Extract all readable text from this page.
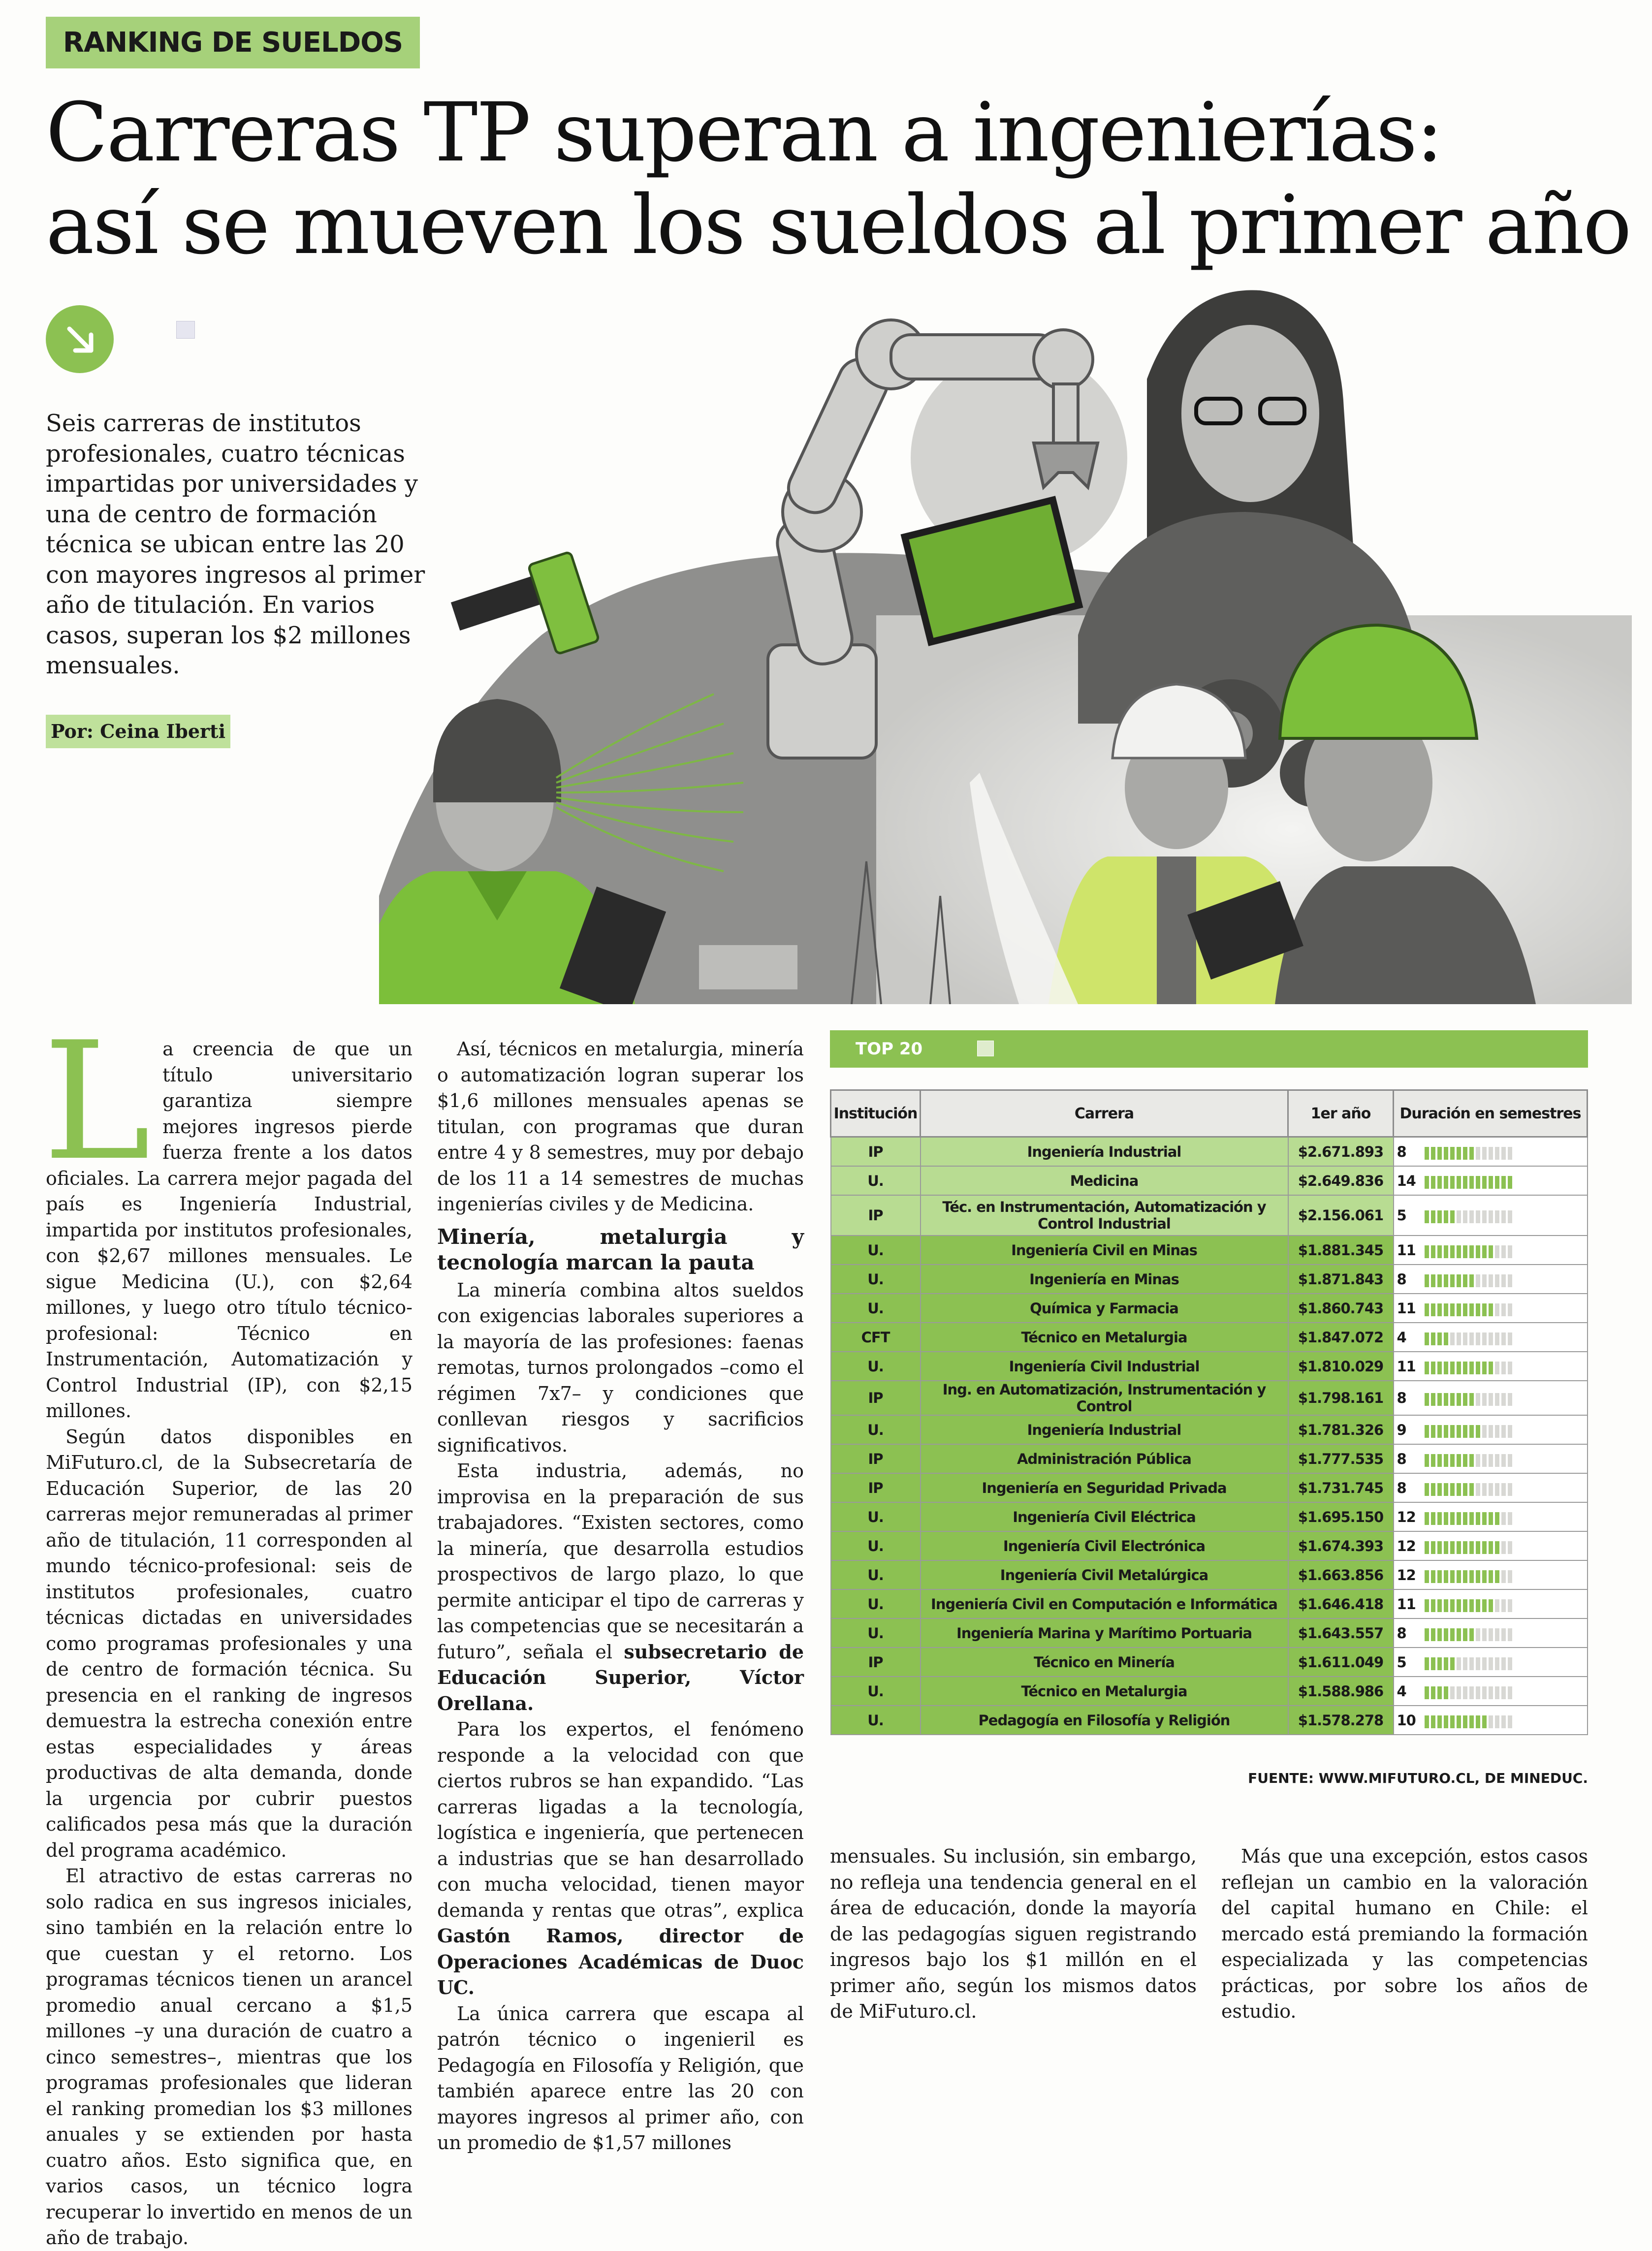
RANKING DE SUELDOS
Carreras TP superan a ingenierías:
así se mueven los sueldos al primer año
Seis carreras de institutos profesionales, cuatro técnicas impartidas por universidades y una de centro de formación técnica se ubican entre las 20 con mayores ingresos al primer año de titulación. En varios casos, superan los $2 millones mensuales.
Por: Ceina Iberti
L a creencia de que un título universitario garantiza siempre mejores ingresos pierde fuerza frente a los datos oficiales. La carrera mejor pagada del país es Ingeniería Industrial, impartida por institutos profesionales, con $2,67 millones mensuales. Le sigue Medicina (U.), con $2,64 millones, y luego otro título técnico-profesional: Técnico en Instrumentación, Automatización y Control Industrial (IP), con $2,15 millones.

Según datos disponibles en MiFuturo.cl, de la Subsecretaría de Educación Superior, de las 20 carreras mejor remuneradas al primer año de titulación, 11 corresponden al mundo técnico-profesional: seis de institutos profesionales, cuatro técnicas dictadas en universidades como programas profesionales y una de centro de formación técnica. Su presencia en el ranking de ingresos demuestra la estrecha conexión entre estas especialidades y áreas productivas de alta demanda, donde la urgencia por cubrir puestos calificados pesa más que la duración del programa académico.

El atractivo de estas carreras no solo radica en sus ingresos iniciales, sino también en la relación entre lo que cuestan y el retorno. Los programas técnicos tienen un arancel promedio anual cercano a $1,5 millones –y una duración de cuatro a cinco semestres–, mientras que los programas profesionales que lideran el ranking promedian los $3 millones anuales y se extienden por hasta cuatro años. Esto significa que, en varios casos, un técnico logra recuperar lo invertido en menos de un año de trabajo.

Así, técnicos en metalurgia, minería o automatización logran superar los $1,6 millones mensuales apenas se titulan, con programas que duran entre 4 y 8 semestres, muy por debajo de los 11 a 14 semestres de muchas ingenierías civiles y de Medicina.

Minería, metalurgia y tecnología marcan la pauta

La minería combina altos sueldos con exigencias laborales superiores a la mayoría de las profesiones: faenas remotas, turnos prolongados –como el régimen 7x7– y condiciones que conllevan riesgos y sacrificios significativos.

Esta industria, además, no improvisa en la preparación de sus trabajadores. “Existen sectores, como la minería, que desarrolla estudios prospectivos de largo plazo, lo que permite anticipar el tipo de carreras y las competencias que se necesitarán a futuro”, señala el subsecretario de Educación Superior, Víctor Orellana.

Para los expertos, el fenómeno responde a la velocidad con que ciertos rubros se han expandido. “Las carreras ligadas a la tecnología, logística e ingeniería, que pertenecen a industrias que se han desarrollado con mucha velocidad, tienen mayor demanda y rentas que otras”, explica Gastón Ramos, director de Operaciones Académicas de Duoc UC.

La única carrera que escapa al patrón técnico o ingenieril es Pedagogía en Filosofía y Religión, que también aparece entre las 20 con mayores ingresos al primer año, con un promedio de $1,57 millones

mensuales. Su inclusión, sin embargo, no refleja una tendencia general en el área de educación, donde la mayoría de las pedagogías siguen registrando ingresos bajo los $1 millón en el primer año, según los mismos datos de MiFuturo.cl.

Más que una excepción, estos casos reflejan un cambio en la valoración del capital humano en Chile: el mercado está premiando la formación especializada y las competencias prácticas, por sobre los años de estudio.

TOP 20
Institución	Carrera	1er año	Duración en semestres
IP	Ingeniería Industrial	$2.671.893	8
U.	Medicina	$2.649.836	14
IP	Téc. en Instrumentación, Automatización y Control Industrial	$2.156.061	5
U.	Ingeniería Civil en Minas	$1.881.345	11
U.	Ingeniería en Minas	$1.871.843	8
U.	Química y Farmacia	$1.860.743	11
CFT	Técnico en Metalurgia	$1.847.072	4
U.	Ingeniería Civil Industrial	$1.810.029	11
IP	Ing. en Automatización, Instrumentación y Control	$1.798.161	8
U.	Ingeniería Industrial	$1.781.326	9
IP	Administración Pública	$1.777.535	8
IP	Ingeniería en Seguridad Privada	$1.731.745	8
U.	Ingeniería Civil Eléctrica	$1.695.150	12
U.	Ingeniería Civil Electrónica	$1.674.393	12
U.	Ingeniería Civil Metalúrgica	$1.663.856	12
U.	Ingeniería Civil en Computación e Informática	$1.646.418	11
U.	Ingeniería Marina y Marítimo Portuaria	$1.643.557	8
IP	Técnico en Minería	$1.611.049	5
U.	Técnico en Metalurgia	$1.588.986	4
U.	Pedagogía en Filosofía y Religión	$1.578.278	10
FUENTE: WWW.MIFUTURO.CL, DE MINEDUC.
